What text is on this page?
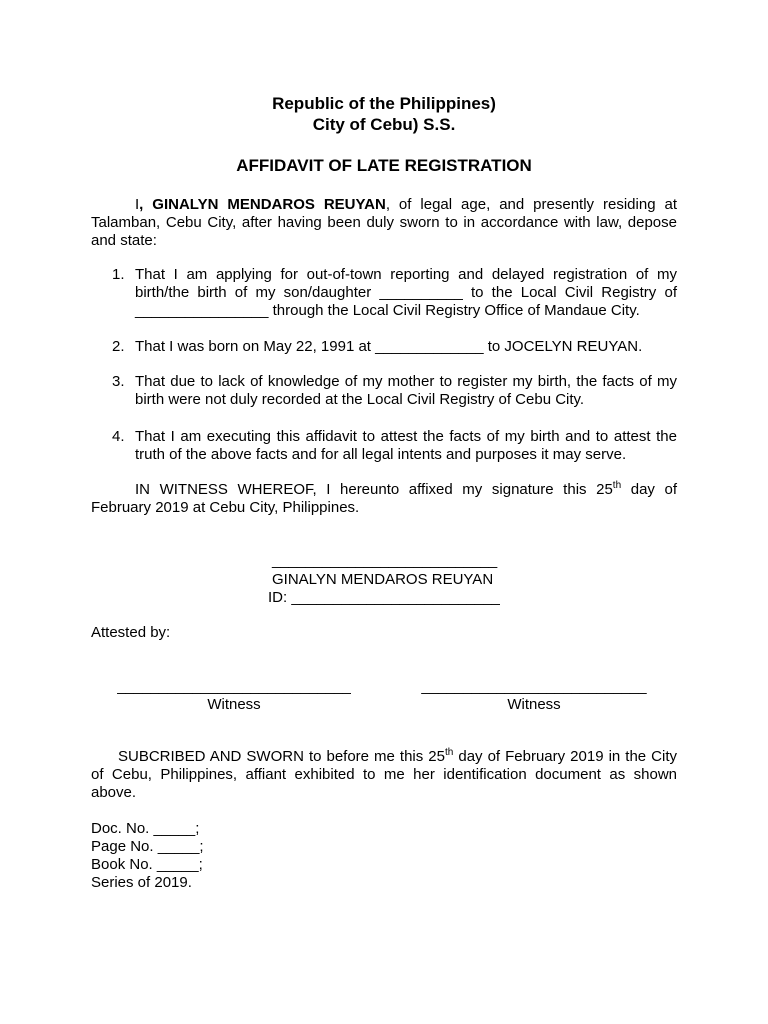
Republic of the Philippines)
City of Cebu) S.S.
AFFIDAVIT OF LATE REGISTRATION
I, GINALYN MENDAROS REUYAN, of legal age, and presently residing at
Talamban, Cebu City, after having been duly sworn to in accordance with law, depose
and state:
1. That I am applying for out-of-town reporting and delayed registration of my
birth/the birth of my son/daughter __________ to the Local Civil Registry of
________________ through the Local Civil Registry Office of Mandaue City.
2. That I was born on May 22, 1991 at _____________ to JOCELYN REUYAN.
3. That due to lack of knowledge of my mother to register my birth, the facts of my
birth were not duly recorded at the Local Civil Registry of Cebu City.
4. That I am executing this affidavit to attest the facts of my birth and to attest the
truth of the above facts and for all legal intents and purposes it may serve.
IN WITNESS WHEREOF, I hereunto affixed my signature this 25th day of
February 2019 at Cebu City, Philippines.
___________________________
GINALYN MENDAROS REUYAN
ID: _________________________
Attested by:
____________________________
Witness
___________________________
Witness
SUBCRIBED AND SWORN to before me this 25th day of February 2019 in the City
of Cebu, Philippines, affiant exhibited to me her identification document as shown
above.
Doc. No. _____;
Page No. _____;
Book No. _____;
Series of 2019.
